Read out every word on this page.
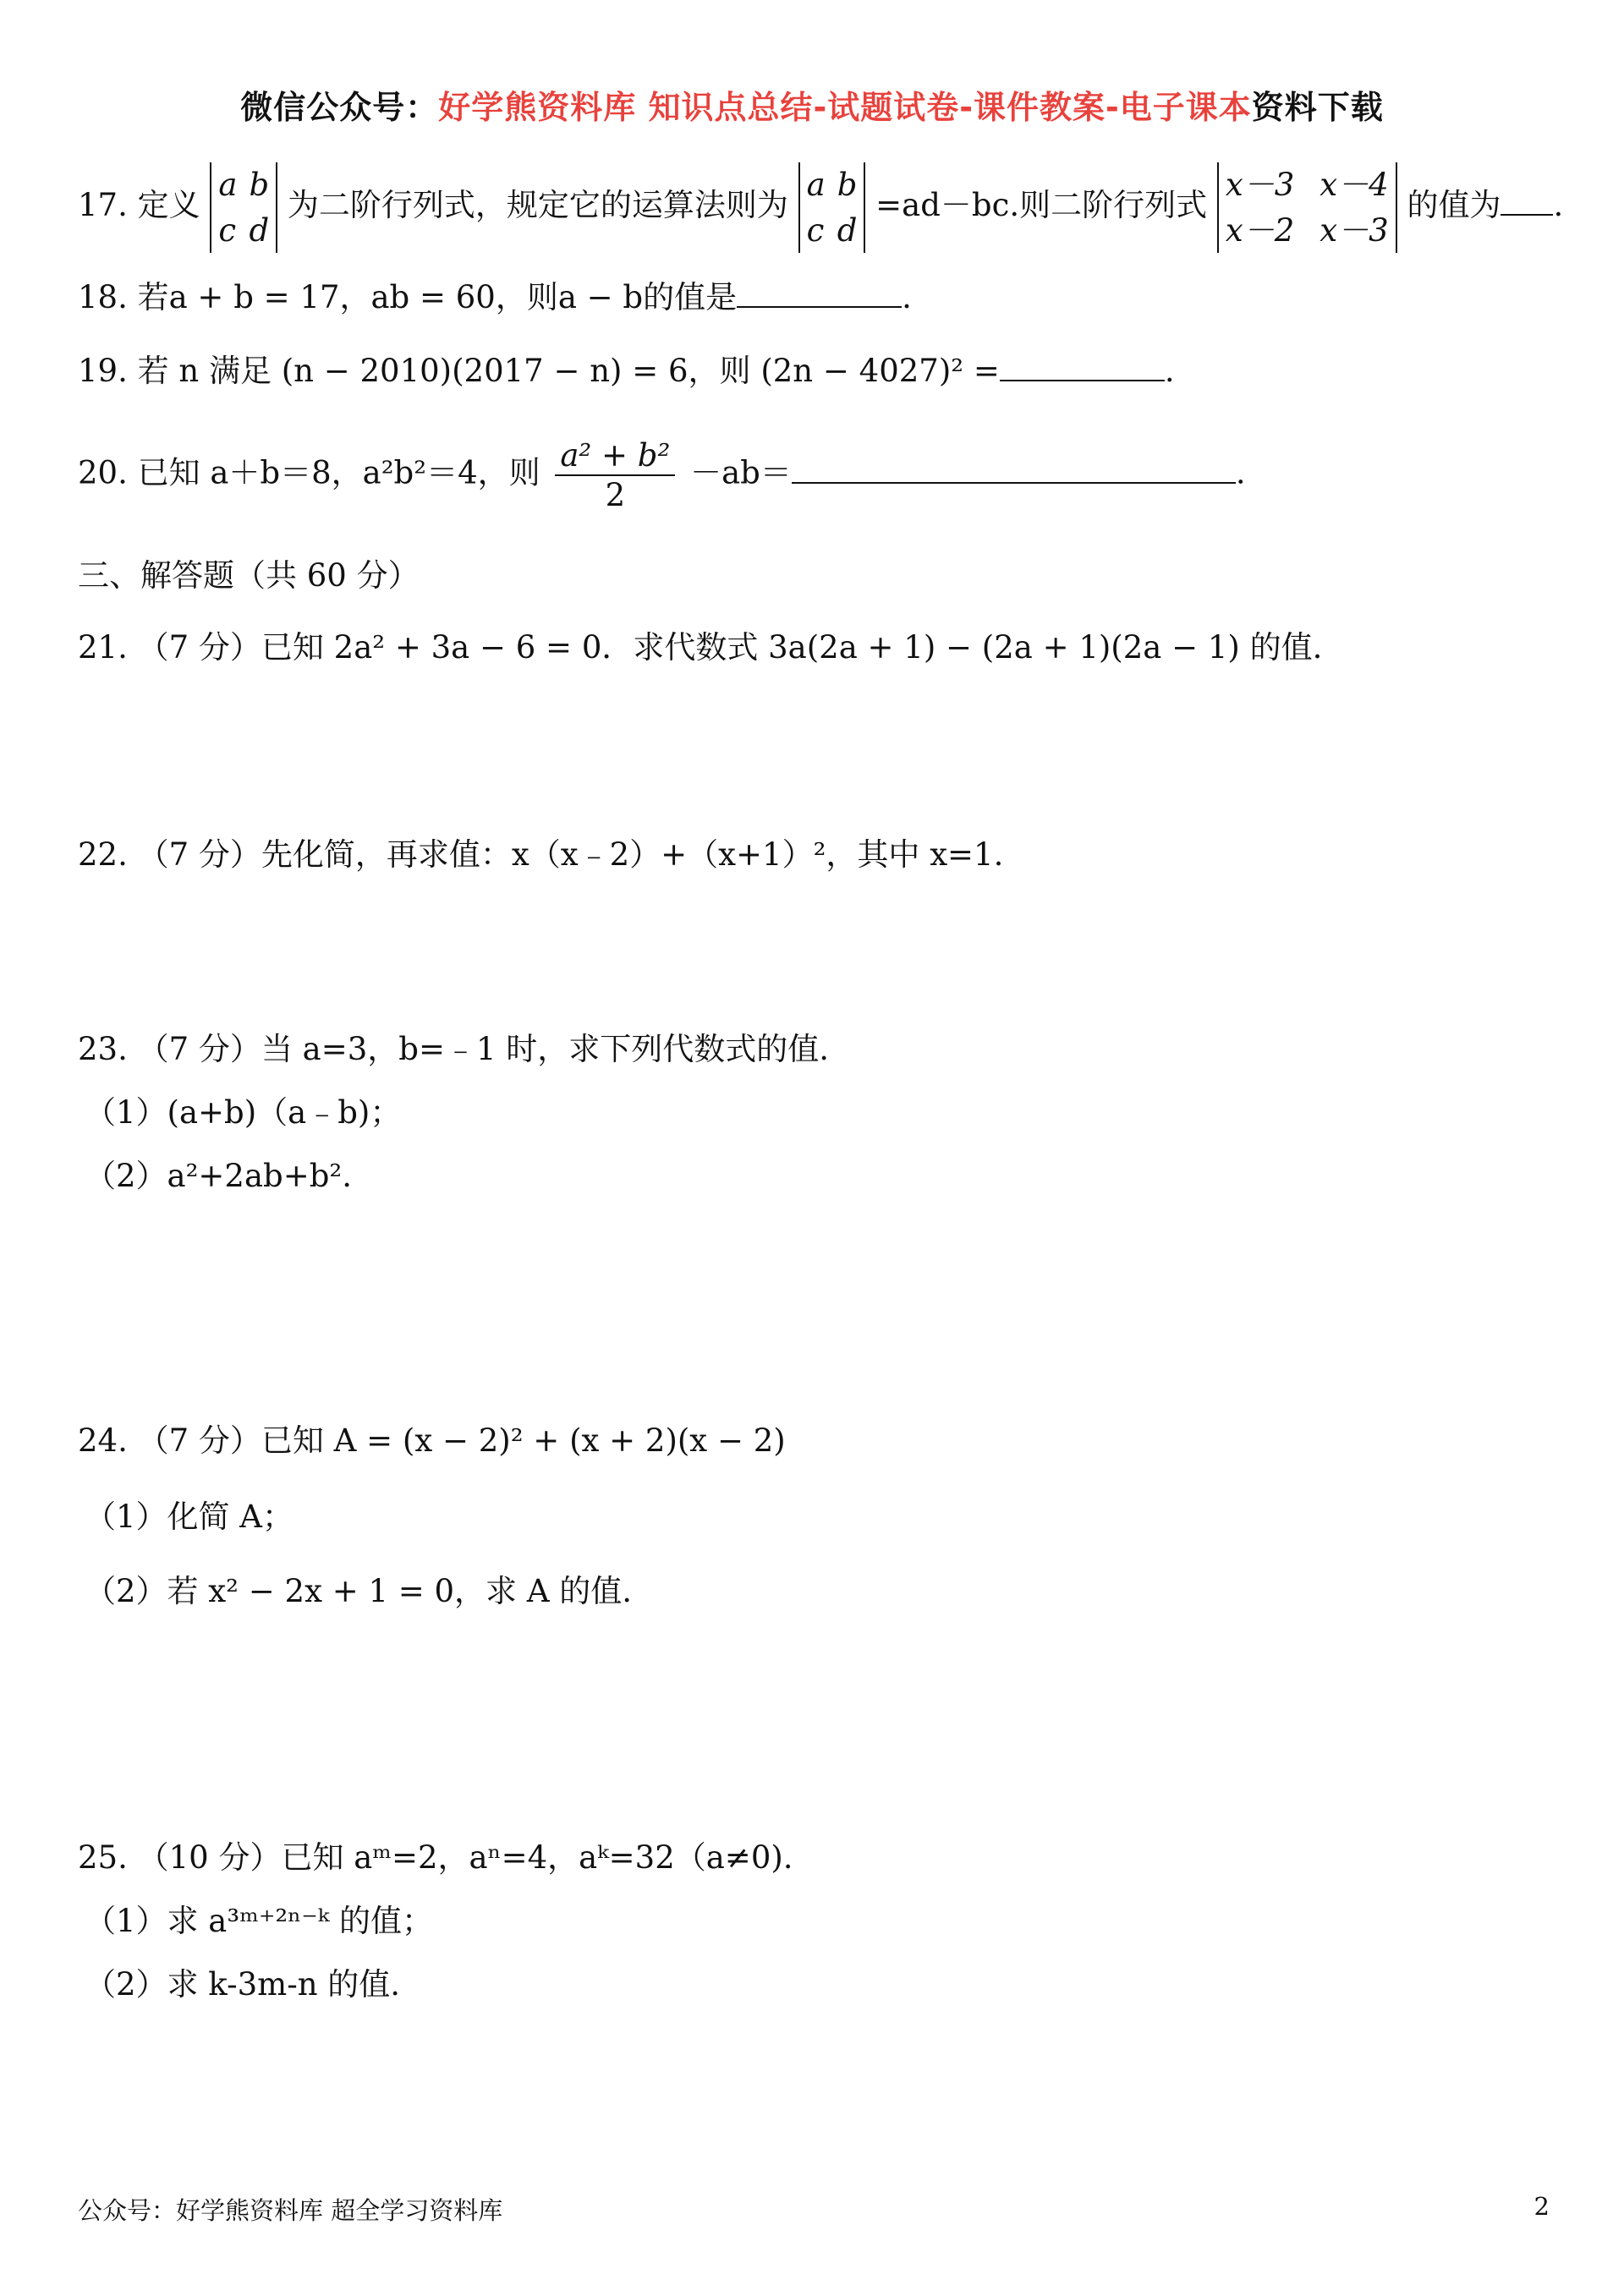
微信公众号：好学熊资料库 知识点总结-试题试卷-课件教案-电子课本资料下载
17. 定义
a b
c d
为二阶行列式，规定它的运算法则为
a b
c d
=ad－bc.则二阶行列式
x－3 x－4
x－2 x－3
的值为 .
18. 若a + b = 17，ab = 60，则a − b的值是	.
19. 若 n 满足 (n − 2010)(2017 − n) = 6，则 (2n − 4027)² =	.
20. 已知 a＋b＝8，a²b²＝4，则 $\frac{\text{a² + b²}}{2} -ab=$	.
三、解答题（共 60 分）
21. （7 分）已知 2a² + 3a − 6 = 0．求代数式 3a(2a + 1) − (2a + 1)(2a − 1) 的值.
22. （7 分）先化简，再求值：x（x﹣2）+（x+1）²，其中 x=1.
23. （7 分）当 a=3，b=﹣1 时，求下列代数式的值.
（1）(a+b)（a﹣b)；
（2）a²+2ab+b².
24. （7 分）已知 A = (x − 2)² + (x + 2)(x − 2)
（1）化简 A；
（2）若 x² − 2x + 1 = 0，求 A 的值.
25. （10 分）已知 aᵐ=2，aⁿ=4，aᵏ=32（a≠0).
（1）求 a³ᵐ⁺²ⁿ⁻ᵏ 的值；
（2）求 k-3m-n 的值.
公众号：好学熊资料库 超全学习资料库	2
